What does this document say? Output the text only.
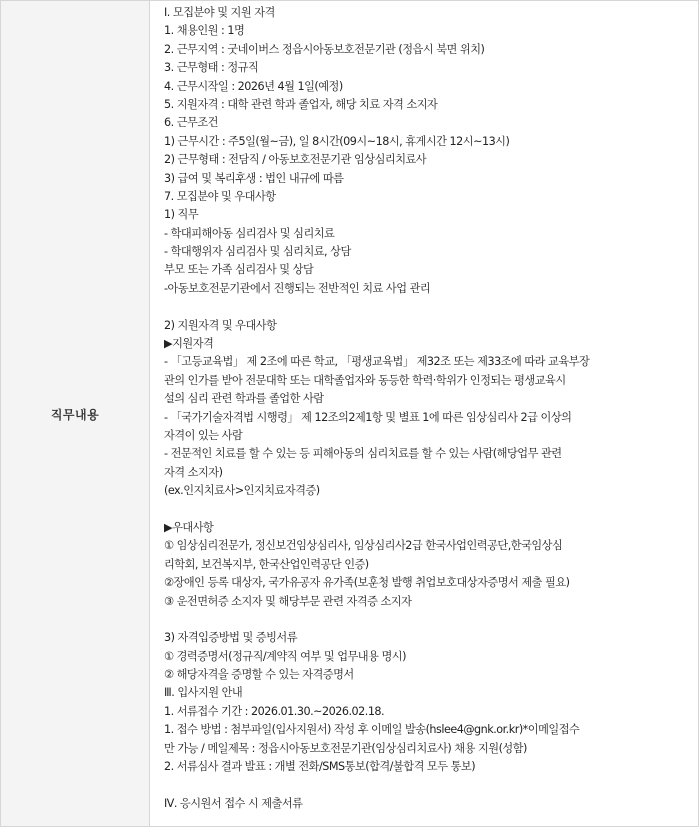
직무내용	
Ⅰ. 모집분야 및 지원 자격
1. 채용인원 : 1명
2. 근무지역 : 굿네이버스 정읍시아동보호전문기관 (정읍시 북면 위치)
3. 근무형태 : 정규직
4. 근무시작일 : 2026년 4월 1일(예정)
5. 지원자격 : 대학 관련 학과 졸업자, 해당 치료 자격 소지자
6. 근무조건
1) 근무시간 : 주5일(월~금), 일 8시간(09시~18시, 휴게시간 12시~13시)
2) 근무형태 : 전담직 / 아동보호전문기관 임상심리치료사
3) 급여 및 복리후생 : 법인 내규에 따름
7. 모집분야 및 우대사항
1) 직무
- 학대피해아동 심리검사 및 심리치료
- 학대행위자 심리검사 및 심리치료, 상담
부모 또는 가족 심리검사 및 상담
-아동보호전문기관에서 진행되는 전반적인 치료 사업 관리
2) 지원자격 및 우대사항
▶지원자격
- 「고등교육법」 제 2조에 따른 학교, 「평생교육법」 제32조 또는 제33조에 따라 교육부장
관의 인가를 받아 전문대학 또는 대학졸업자와 동등한 학력·학위가 인정되는 평생교육시
설의 심리 관련 학과를 졸업한 사람
- 「국가기술자격법 시행령」 제 12조의2제1항 및 별표 1에 따른 임상심리사 2급 이상의
자격이 있는 사람
- 전문적인 치료를 할 수 있는 등 피해아동의 심리치료를 할 수 있는 사람(해당업무 관련
자격 소지자)
(ex.인지치료사>인지치료자격증)
▶우대사항
① 임상심리전문가, 정신보건임상심리사, 임상심리사2급 한국사업인력공단,한국임상심
리학회, 보건복지부, 한국산업인력공단 인증)
②장애인 등록 대상자, 국가유공자 유가족(보훈청 발행 취업보호대상자증명서 제출 필요)
③ 운전면허증 소지자 및 해당부문 관련 자격증 소지자
3) 자격입증방법 및 증빙서류
① 경력증명서(정규직/계약직 여부 및 업무내용 명시)
② 해당자격을 증명할 수 있는 자격증명서
Ⅲ. 입사지원 안내
1. 서류접수 기간 : 2026.01.30.~2026.02.18.
1. 접수 방법 : 첨부파일(입사지원서) 작성 후 이메일 발송(hslee4@gnk.or.kr)*이메일접수
만 가능 / 메일제목 : 정읍시아동보호전문기관(임상심리치료사) 채용 지원(성함)
2. 서류심사 결과 발표 : 개별 전화/SMS통보(합격/불합격 모두 통보)
Ⅳ. 응시원서 접수 시 제출서류
